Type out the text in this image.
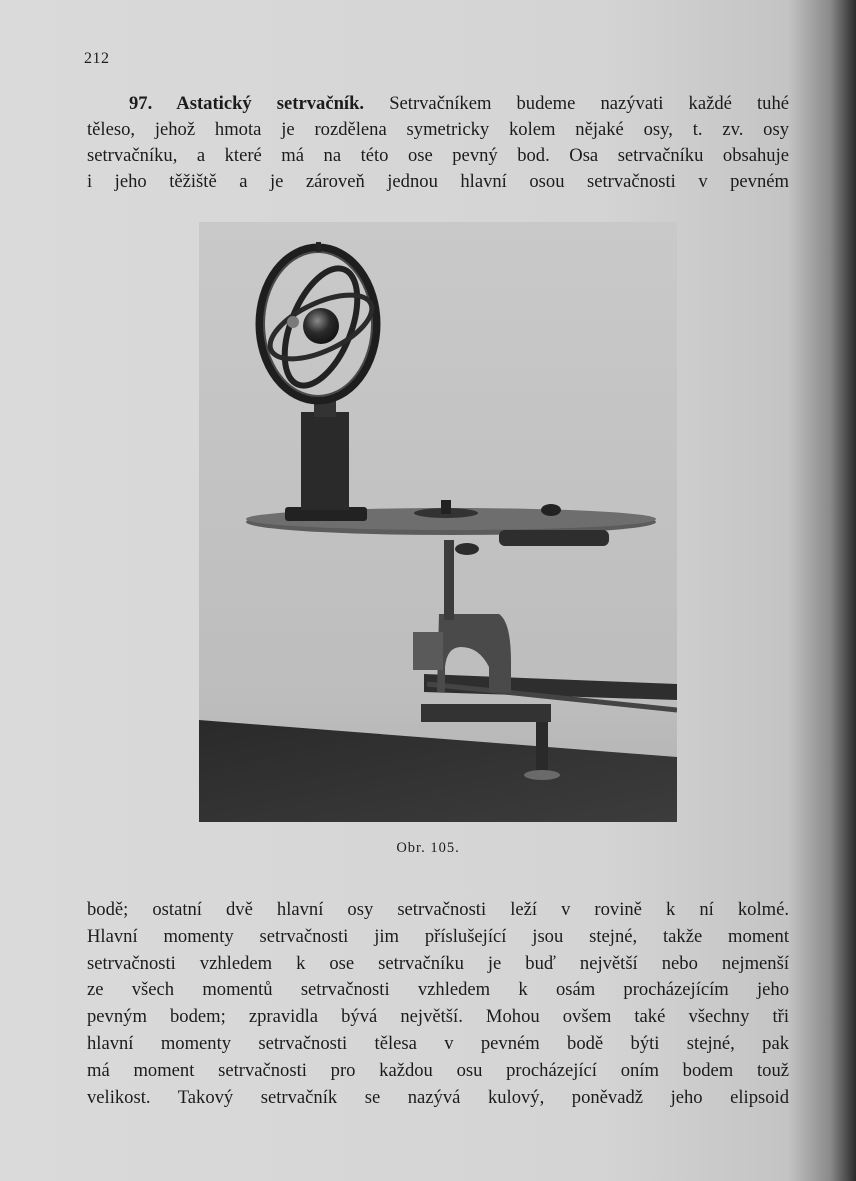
212
97. Astatický setrvačník. Setrvačníkem budeme nazývati každé tuhé
těleso, jehož hmota je rozdělena symetricky kolem nějaké osy, t. zv. osy
setrvačníku, a které má na této ose pevný bod. Osa setrvačníku obsahuje
i jeho těžiště a je zároveň jednou hlavní osou setrvačnosti v pevném
Obr. 105.
bodě; ostatní dvě hlavní osy setrvačnosti leží v rovině k ní kolmé.
Hlavní momenty setrvačnosti jim příslušející jsou stejné, takže moment
setrvačnosti vzhledem k ose setrvačníku je buď největší nebo nejmenší
ze všech momentů setrvačnosti vzhledem k osám procházejícím jeho
pevným bodem; zpravidla bývá největší. Mohou ovšem také všechny tři
hlavní momenty setrvačnosti tělesa v pevném bodě býti stejné, pak
má moment setrvačnosti pro každou osu procházející oním bodem touž
velikost. Takový setrvačník se nazývá kulový, poněvadž jeho elipsoid
